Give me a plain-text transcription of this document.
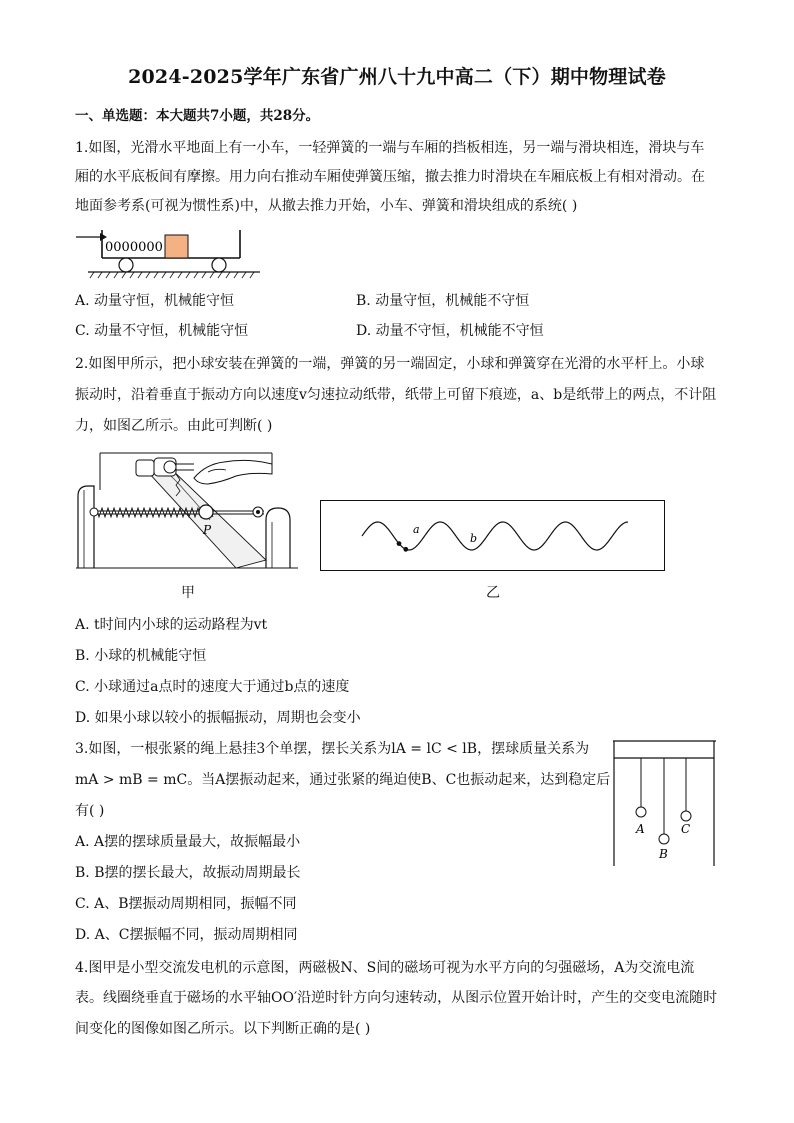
2024-2025学年广东省广州八十九中高二（下）期中物理试卷
一、单选题：本大题共7小题，共28分。
1.如图，光滑水平地面上有一小车，一轻弹簧的一端与车厢的挡板相连，另一端与滑块相连，滑块与车
厢的水平底板间有摩擦。用力向右推动车厢使弹簧压缩，撤去推力时滑块在车厢底板上有相对滑动。在
地面参考系(可视为惯性系)中，从撤去推力开始，小车、弹簧和滑块组成的系统( )
0000000
A. 动量守恒，机械能守恒	B. 动量守恒，机械能不守恒
C. 动量不守恒，机械能守恒	D. 动量不守恒，机械能不守恒
2.如图甲所示，把小球安装在弹簧的一端，弹簧的另一端固定，小球和弹簧穿在光滑的水平杆上。小球
振动时，沿着垂直于振动方向以速度v匀速拉动纸带，纸带上可留下痕迹，a、b是纸带上的两点，不计阻
力，如图乙所示。由此可判断( )
P	a
b
甲	乙
A. t时间内小球的运动路程为vt
B. 小球的机械能守恒
C. 小球通过a点时的速度大于通过b点的速度
D. 如果小球以较小的振幅振动，周期也会变小
3.如图，一根张紧的绳上悬挂3个单摆，摆长关系为lA = lC < lB，摆球质量关系为
mA > mB = mC。当A摆振动起来，通过张紧的绳迫使B、C也振动起来，达到稳定后
有( )
A
B
C
A. A摆的摆球质量最大，故振幅最小
B. B摆的摆长最大，故振动周期最长
C. A、B摆振动周期相同，振幅不同
D. A、C摆振幅不同，振动周期相同
4.图甲是小型交流发电机的示意图，两磁极N、S间的磁场可视为水平方向的匀强磁场，A为交流电流
表。线圈绕垂直于磁场的水平轴OO′沿逆时针方向匀速转动，从图示位置开始计时，产生的交变电流随时
间变化的图像如图乙所示。以下判断正确的是( )
